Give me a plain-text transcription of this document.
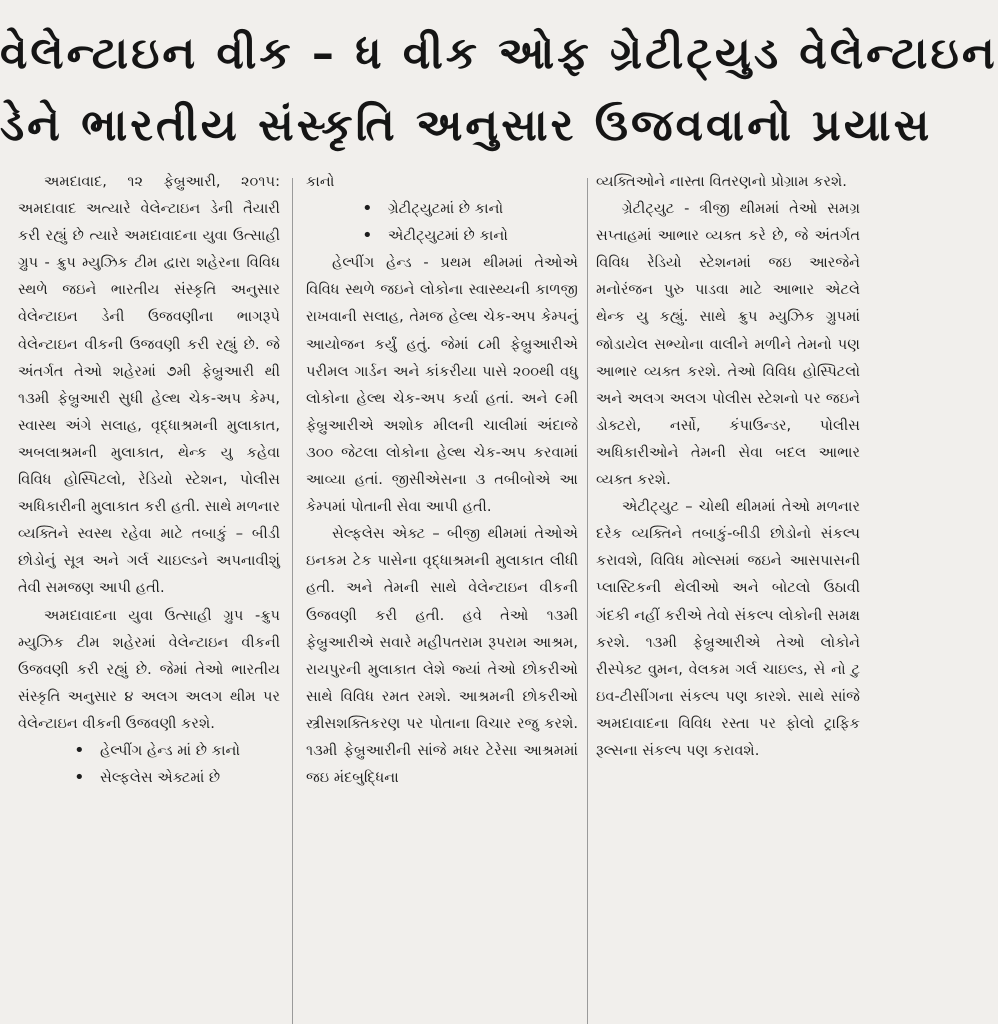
વેલેન્ટાઇન વીક – ધ વીક ઓફ ગ્રેટીટ્યુડ વેલેન્ટાઇન
ડેને ભારતીય સંસ્કૃતિ અનુસાર ઉજવવાનો પ્રયાસ

અમદાવાદ, ૧૨ ફેબ્રુઆરી, ૨૦૧૫: અમદાવાદ અત્યારે વેલેન્ટાઇન ડેની તૈયારી કરી રહ્યું છે ત્યારે અમદાવાદના યુવા ઉત્સાહી ગ્રુપ - ક્રુપ મ્યુઝિક ટીમ દ્વારા શહેરના વિવિધ સ્થળે જઇને ભારતીય સંસ્કૃતિ અનુસાર વેલેન્ટાઇન ડેની ઉજવણીના ભાગરૂપે વેલેન્ટાઇન વીકની ઉજવણી કરી રહ્યું છે. જે અંતર્ગત તેઓ શહેરમાં ૭મી ફેબ્રુઆરી થી ૧૩મી ફેબ્રુઆરી સુધી હેલ્થ ચેક-અપ કેમ્પ, સ્વાસ્થ અંગે સલાહ, વૃદ્ધાશ્રમની મુલાકાત, અબલાશ્રમની મુલાકાત, થેન્ક યુ કહેવા વિવિધ હોસ્પિટલો, રેડિયો સ્ટેશન, પોલીસ અધિકારીની મુલાકાત કરી હતી. સાથે મળનાર વ્યક્તિને સ્વસ્થ રહેવા માટે તબાકું – બીડી છોડોનું સૂત્ર અને ગર્લ ચાઇલ્ડને અપનાવીશું તેવી સમજણ આપી હતી.

અમદાવાદના યુવા ઉત્સાહી ગ્રુપ -ક્રુપ મ્યુઝિક ટીમ શહેરમાં વેલેન્ટાઇન વીકની ઉજવણી કરી રહ્યું છે. જેમાં તેઓ ભારતીય સંસ્કૃતિ અનુસાર ૪ અલગ અલગ થીમ પર વેલેન્ટાઇન વીકની ઉજવણી કરશે.

• હેલ્પીંગ હેન્ડ માં છે કાનો

• સેલ્ફલેસ એક્ટમાં છે

કાનો

• ગ્રેટીટ્યુટમાં છે કાનો

• એટીટ્યુટમાં છે કાનો

હેલ્પીંગ હેન્ડ - પ્રથમ થીમમાં તેઓએ વિવિધ સ્થળે જઇને લોકોના સ્વાસ્થ્યની કાળજી રાખવાની સલાહ, તેમજ હેલ્થ ચેક-અપ કેમ્પનું આયોજન કર્યું હતું. જેમાં ૮મી ફેબ્રુઆરીએ પરીમલ ગાર્ડન અને કાંકરીયા પાસે ૨૦૦થી વધુ લોકોના હેલ્થ ચેક-અપ કર્યા હતાં. અને ૯મી ફેબ્રુઆરીએ અશોક મીલની ચાલીમાં અંદાજે ૩૦૦ જેટલા લોકોના હેલ્થ ચેક-અપ કરવામાં આવ્યા હતાં. જીસીએસના ૩ તબીબોએ આ કેમ્પમાં પોતાની સેવા આપી હતી.

સેલ્ફલેસ એક્ટ – બીજી થીમમાં તેઓએ ઇનકમ ટેક પાસેના વૃદ્ધાશ્રમની મુલાકાત લીધી હતી. અને તેમની સાથે વેલેન્ટાઇન વીકની ઉજવણી કરી હતી. હવે તેઓ ૧૩મી ફેબ્રુઆરીએ સવારે મહીપતરામ રૂપરામ આશ્રમ, રાયપુરની મુલાકાત લેશે જ્યાં તેઓ છોકરીઓ સાથે વિવિધ રમત રમશે. આશ્રમની છોકરીઓ સ્ત્રીસશક્તિકરણ પર પોતાના વિચાર રજુ કરશે. ૧૩મી ફેબ્રુઆરીની સાંજે મધર ટેરેસા આશ્રમમાં જઇ મંદબુદ્ધિના

વ્યક્તિઓને નાસ્તા વિતરણનો પ્રોગ્રામ કરશે.

ગ્રેટીટ્યુટ - ત્રીજી થીમમાં તેઓ સમગ્ર સપ્તાહમાં આભાર વ્યક્ત કરે છે, જે અંતર્ગત વિવિધ રેડિયો સ્ટેશનમાં જઇ આરજેને મનોરંજન પુરુ પાડવા માટે આભાર એટલે થેન્ક યુ કહ્યું. સાથે ક્રુપ મ્યુઝિક ગ્રુપમાં જોડાયેલ સભ્યોના વાલીને મળીને તેમનો પણ આભાર વ્યક્ત કરશે. તેઓ વિવિધ હોસ્પિટલો અને અલગ અલગ પોલીસ સ્ટેશનો પર જઇને ડોક્ટરો, નર્સો, કંપાઉન્ડર, પોલીસ અધિકારીઓને તેમની સેવા બદલ આભાર વ્યક્ત કરશે.

એટીટ્યુટ – ચોથી થીમમાં તેઓ મળનાર દરેક વ્યક્તિને તબાકું-બીડી છોડોનો સંકલ્પ કરાવશે, વિવિધ મોલ્સમાં જઇને આસપાસની પ્લાસ્ટિકની થેલીઓ અને બોટલો ઉઠાવી ગંદકી નહીં કરીએ તેવો સંકલ્પ લોકોની સમક્ષ કરશે. ૧૩મી ફેબ્રુઆરીએ તેઓ લોકોને રીસ્પેક્ટ વુમન, વેલકમ ગર્લ ચાઇલ્ડ, સે નો ટુ ઇવ-ટીસીંગના સંકલ્પ પણ કારશે. સાથે સાંજે અમદાવાદના વિવિધ રસ્તા પર ફોલો ટ્રાફિક રૂલ્સના સંકલ્પ પણ કરાવશે.
